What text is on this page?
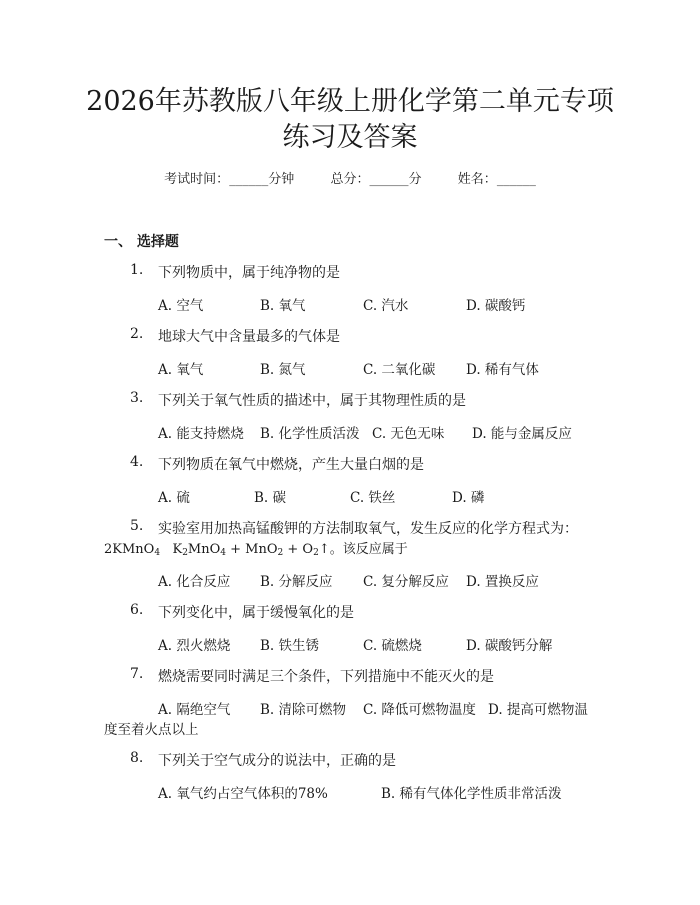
2026年苏教版八年级上册化学第二单元专项
练习及答案
考试时间：______分钟	总分：______分	姓名：______
一、 选择题
1. 下列物质中，属于纯净物的是
A. 空气	B. 氧气	C. 汽水	D. 碳酸钙
2. 地球大气中含量最多的气体是
A. 氧气	B. 氮气	C. 二氧化碳 D. 稀有气体
3. 下列关于氧气性质的描述中，属于其物理性质的是
A. 能支持燃烧 B. 化学性质活泼 C. 无色无味 D. 能与金属反应
4. 下列物质在氧气中燃烧，产生大量白烟的是
A. 硫	B. 碳	C. 铁丝	D. 磷
5. 实验室用加热高锰酸钾的方法制取氧气，发生反应的化学方程式为：
2KMnO$_4$ $K_2MnO_4 + MnO_2$ + $O_2↑$。该反应属于
A. 化合反应 B. 分解反应 C. 复分解反应 D. 置换反应
6. 下列变化中，属于缓慢氧化的是
A. 烈火燃烧 B. 铁生锈	C. 硫燃烧	D. 碳酸钙分解
7. 燃烧需要同时满足三个条件，下列措施中不能灭火的是
A. 隔绝空气 B. 清除可燃物 C. 降低可燃物温度 D. 提高可燃物温
度至着火点以上
8. 下列关于空气成分的说法中，正确的是
A. 氧气约占空气体积的78%	B. 稀有气体化学性质非常活泼
